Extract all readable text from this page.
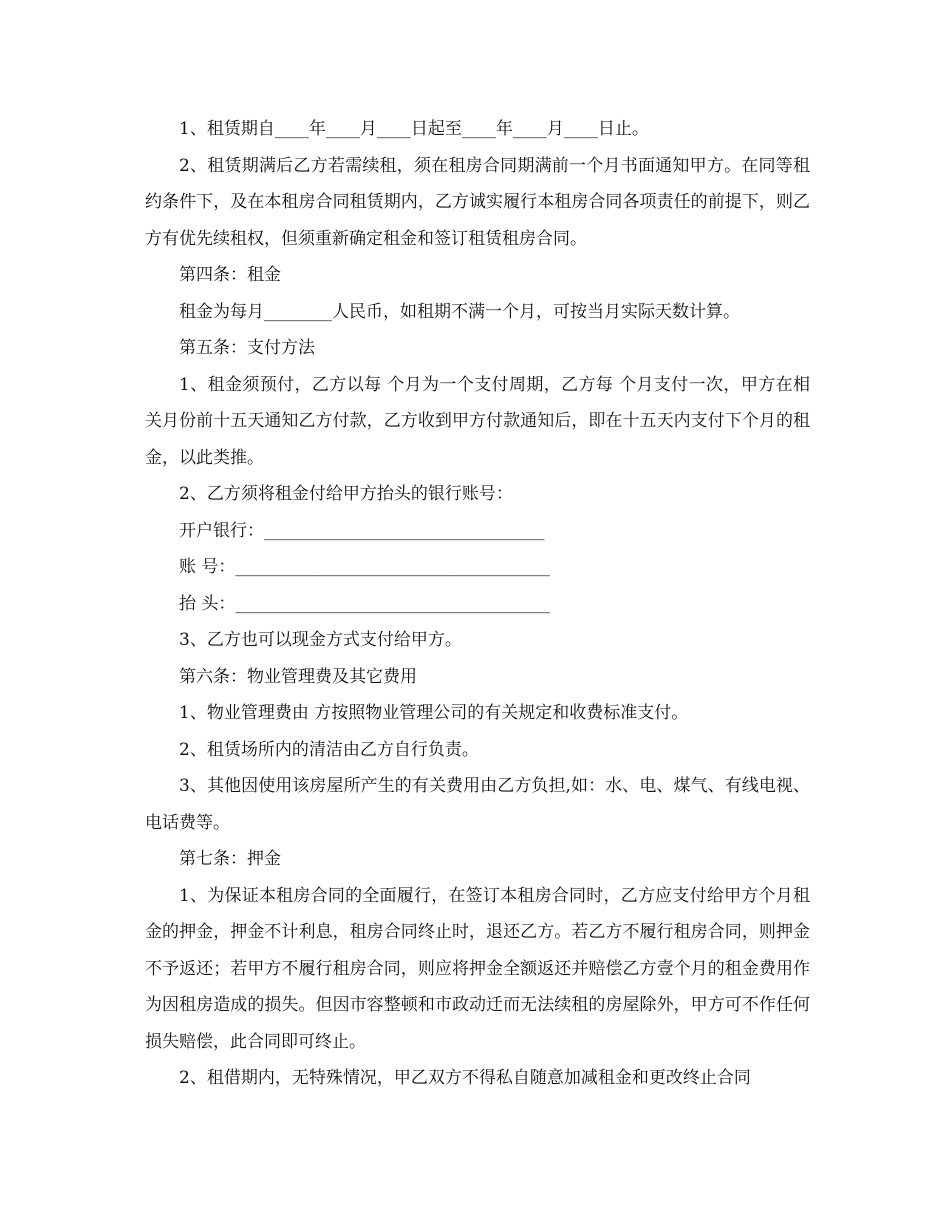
1、租赁期自____年____月____日起至____年____月____日止。

2、租赁期满后乙方若需续租，须在租房合同期满前一个月书面通知甲方。在同等租约条件下，及在本租房合同租赁期内，乙方诚实履行本租房合同各项责任的前提下，则乙方有优先续租权，但须重新确定租金和签订租赁租房合同。

第四条：租金

租金为每月________人民币，如租期不满一个月，可按当月实际天数计算。

第五条：支付方法

1、租金须预付，乙方以每 个月为一个支付周期，乙方每 个月支付一次，甲方在相关月份前十五天通知乙方付款，乙方收到甲方付款通知后，即在十五天内支付下个月的租金，以此类推。

2、乙方须将租金付给甲方抬头的银行账号：

开户银行：_________________________________

账 号：_____________________________________

抬 头：_____________________________________

3、乙方也可以现金方式支付给甲方。

第六条：物业管理费及其它费用

1、物业管理费由 方按照物业管理公司的有关规定和收费标准支付。

2、租赁场所内的清洁由乙方自行负责。

3、其他因使用该房屋所产生的有关费用由乙方负担,如：水、电、煤气、有线电视、电话费等。

第七条：押金

1、为保证本租房合同的全面履行，在签订本租房合同时，乙方应支付给甲方个月租金的押金，押金不计利息，租房合同终止时，退还乙方。若乙方不履行租房合同，则押金不予返还；若甲方不履行租房合同，则应将押金全额返还并赔偿乙方壹个月的租金费用作为因租房造成的损失。但因市容整顿和市政动迁而无法续租的房屋除外，甲方可不作任何损失赔偿，此合同即可终止。

2、租借期内，无特殊情况，甲乙双方不得私自随意加减租金和更改终止合同
